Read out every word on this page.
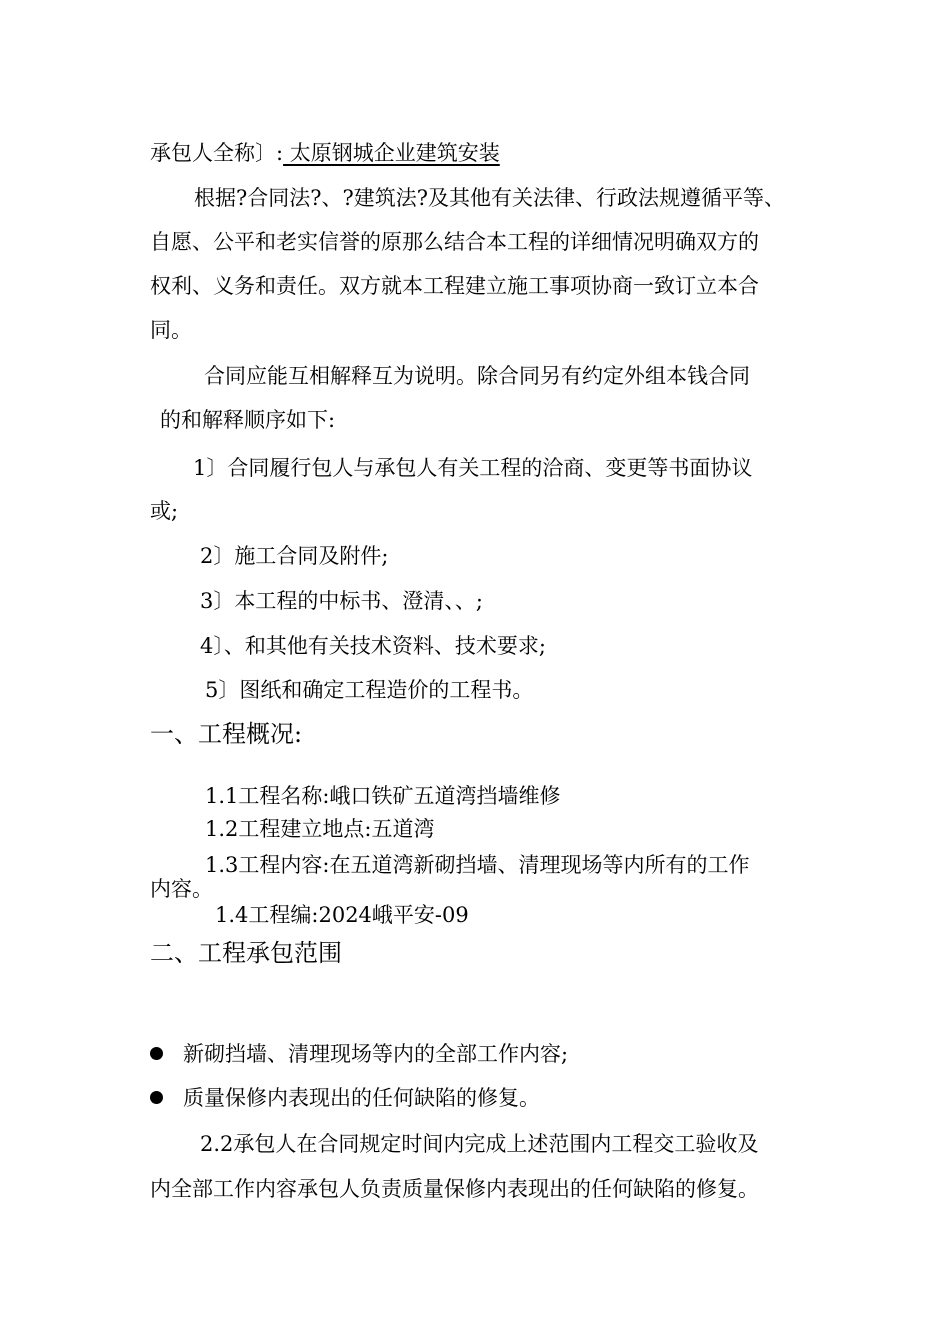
承包人全称〕: 太原钢城企业建筑安装
根据?合同法?、?建筑法?及其他有关法律、行政法规遵循平等、
自愿、公平和老实信誉的原那么结合本工程的详细情况明确双方的
权利、义务和责任。双方就本工程建立施工事项协商一致订立本合
同。
合同应能互相解释互为说明。除合同另有约定外组本钱合同
的和解释顺序如下:
1〕合同履行包人与承包人有关工程的洽商、变更等书面协议
或;
2〕施工合同及附件;
3〕本工程的中标书、澄清、、;
4〕、和其他有关技术资料、技术要求;
5〕图纸和确定工程造价的工程书。
一、工程概况:
1.1工程名称:峨口铁矿五道湾挡墙维修
1.2工程建立地点:五道湾
1.3工程内容:在五道湾新砌挡墙、清理现场等内所有的工作
内容。
1.4工程编:2024峨平安-09
二、工程承包范围
新砌挡墙、清理现场等内的全部工作内容;
质量保修内表现出的任何缺陷的修复。
2.2承包人在合同规定时间内完成上述范围内工程交工验收及
内全部工作内容承包人负责质量保修内表现出的任何缺陷的修复。
